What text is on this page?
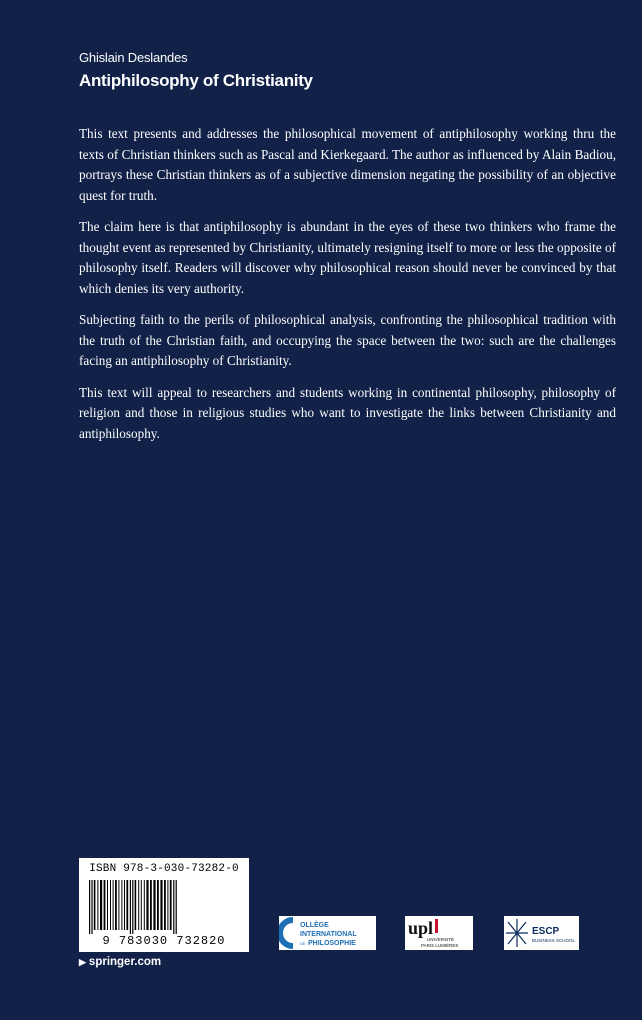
Ghislain Deslandes
Antiphilosophy of Christianity

This text presents and addresses the philosophical movement of antiphilosophy working thru the texts of Christian thinkers such as Pascal and Kierkegaard. The author as influenced by Alain Badiou, portrays these Christian thinkers as of a subjective dimension negating the possibility of an objective quest for truth.

The claim here is that antiphilosophy is abundant in the eyes of these two thinkers who frame the thought event as represented by Christianity, ultimately resigning itself to more or less the opposite of philosophy itself. Readers will discover why philosophical reason should never be convinced by that which denies its very authority.

Subjecting faith to the perils of philosophical analysis, confronting the philosophical tradition with the truth of the Christian faith, and occupying the space between the two: such are the challenges facing an antiphilosophy of Christianity.

This text will appeal to researchers and students working in continental philosophy, philosophy of religion and those in religious studies who want to investigate the links between Christianity and antiphilosophy.

ISBN 978-3-030-73282-0
9 783030 732820
▶ springer.com
OLLÈGE
INTERNATIONAL
DE PHILOSOPHIE
upl
UNIVERSITÉ
PARIS LUMIÈRES
ESCP
BUSINESS SCHOOL
